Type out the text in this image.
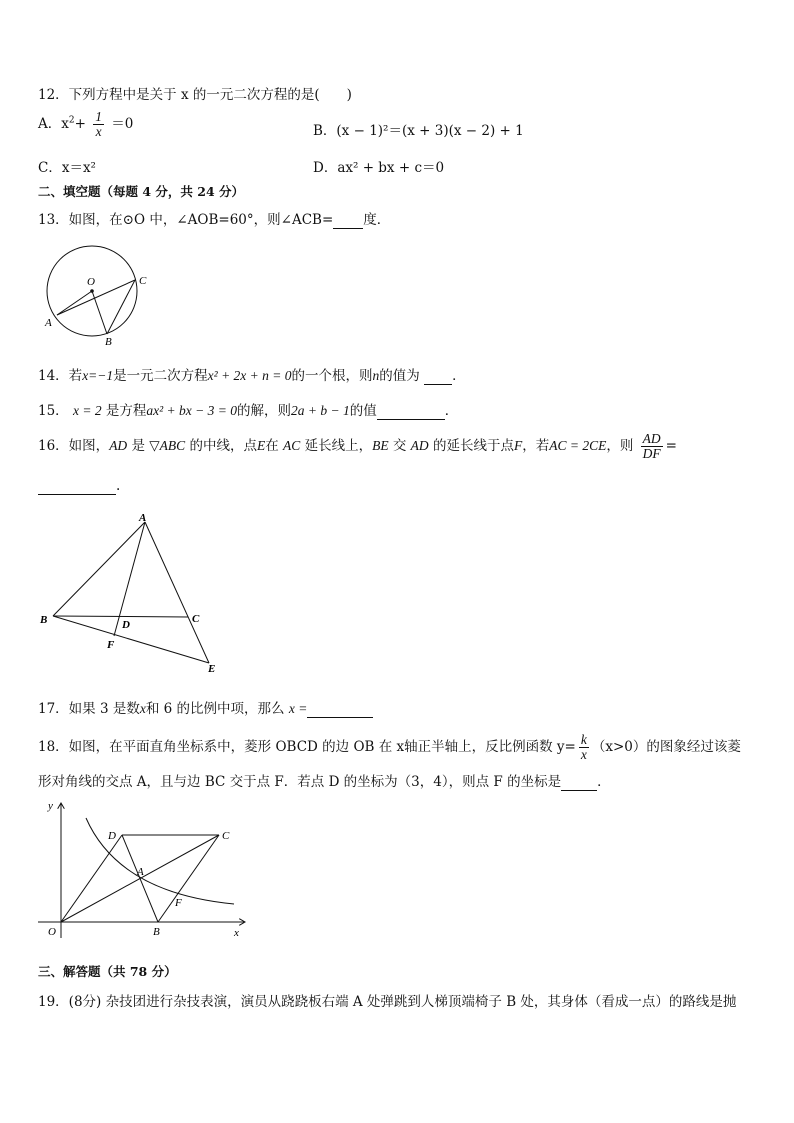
12．下列方程中是关于 x 的一元二次方程的是(　　)
A．$x^2+ \frac{1}{x} =0$	B．(x − 1)²＝(x + 3)(x − 2) + 1
C．x＝x²	D．ax² + bx + c＝0
二、填空题（每题 4 分，共 24 分）
13．如图，在⊙O 中，∠AOB=60°，则∠ACB= 度．
O	C
A
B
14．若x=−1是一元二次方程x² + 2x + n = 0的一个根，则n的值为 ．
15． x = 2 是方程ax² + bx − 3 = 0的解，则2a + b − 1的值	．
16．如图，AD 是 ▽ABC 的中线，点E在 AC 延长线上，BE 交 AD 的延长线于点F，若AC = 2CE，则 $\frac{AD}{DF}$ =
.
A
B	C
D
F
E
17．如果 3 是数x和 6 的比例中项，那么 x =
18．如图，在平面直角坐标系中，菱形 OBCD 的边 OB 在 x轴正半轴上，反比例函数 $y= \frac{k}{x} (x>0)$的图象经过该菱
形对角线的交点 A，且与边 BC 交于点 F．若点 D 的坐标为（3，4），则点 F 的坐标是	．
y
x
O	B
C
D
A
F
三、解答题（共 78 分）
19．(8分) 杂技团进行杂技表演，演员从跷跷板右端 A 处弹跳到人梯顶端椅子 B 处，其身体（看成一点）的路线是抛
